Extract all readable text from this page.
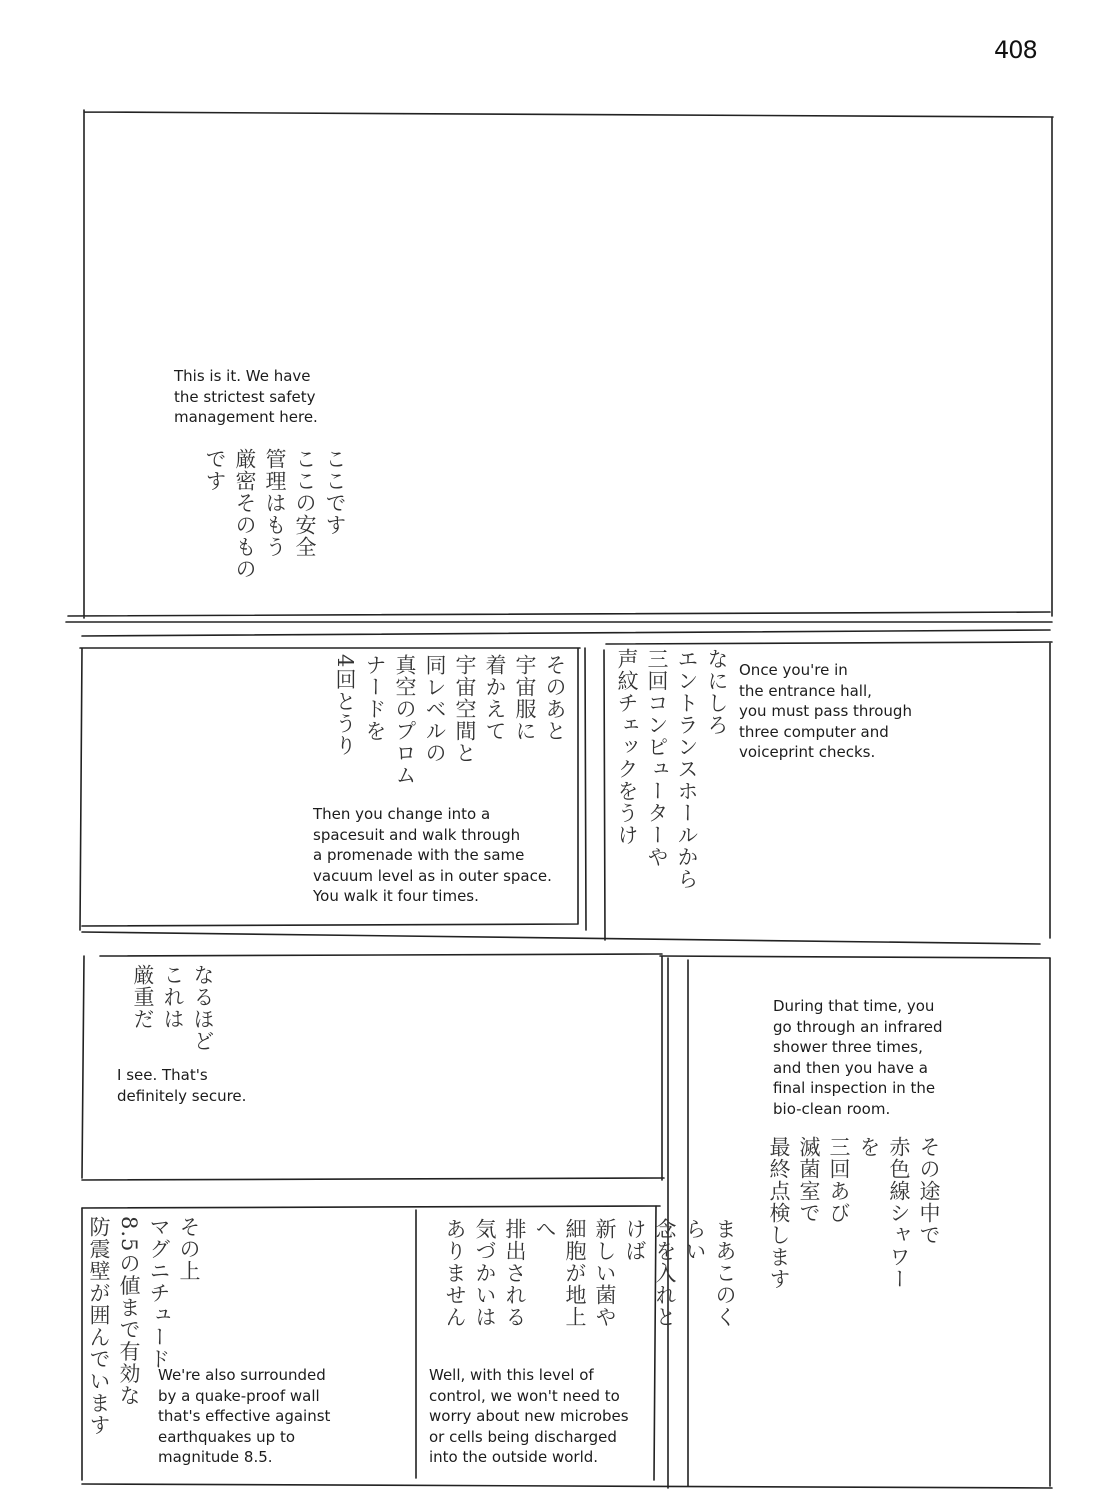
408
This is it. We have
the strictest safety
management here.
ここです
ここの安全
管理はもう
厳密そのもの
です
なにしろ
エントランスホールから
三回コンピューターや
声紋チェックをうけ	Once you're in
the entrance hall,
you must pass through
three computer and
voiceprint checks.
そのあと
宇宙服に
着かえて
宇宙空間と
同レベルの
真空のプロム
ナードを
4回とうり
Then you change into a
spacesuit and walk through
a promenade with the same
vacuum level as in outer space.
You walk it four times.
なるほど
これは
厳重だ
I see. That's
definitely secure.
During that time, you
go through an infrared
shower three times,
and then you have a
final inspection in the
bio-clean room.
その途中で
赤色線シャワーを
三回あび
滅菌室で
最終点検します
その上
マグニチュード
8.5の値まで有効な
防震壁が囲んでいます	We're also surrounded
by a quake-proof wall
that's effective against
earthquakes up to
magnitude 8.5.
まあこのくらい
念を入れとけば
新しい菌や
細胞が地上へ
排出される
気づかいは
ありません
Well, with this level of
control, we won't need to
worry about new microbes
or cells being discharged
into the outside world.
